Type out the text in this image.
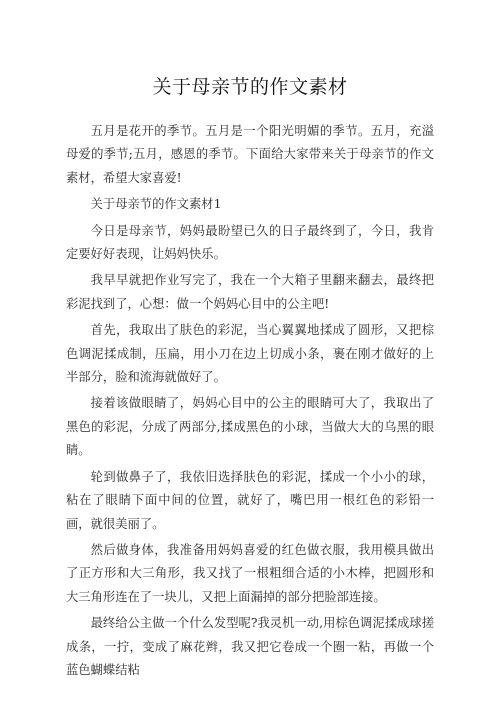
关于母亲节的作文素材

五月是花开的季节。五月是一个阳光明媚的季节。五月，充溢母爱的季节;五月，感恩的季节。下面给大家带来关于母亲节的作文素材，希望大家喜爱!

关于母亲节的作文素材1

今日是母亲节，妈妈最盼望已久的日子最终到了，今日，我肯定要好好表现，让妈妈快乐。

我早早就把作业写完了，我在一个大箱子里翻来翻去，最终把彩泥找到了，心想：做一个妈妈心目中的公主吧!

首先，我取出了肤色的彩泥，当心翼翼地揉成了圆形，又把棕色调泥揉成制，压扁，用小刀在边上切成小条，裹在刚才做好的上半部分，脸和流海就做好了。

接着该做眼睛了，妈妈心目中的公主的眼睛可大了，我取出了黑色的彩泥，分成了两部分,揉成黑色的小球，当做大大的乌黑的眼睛。

轮到做鼻子了，我依旧选择肤色的彩泥，揉成一个小小的球，粘在了眼睛下面中间的位置，就好了，嘴巴用一根红色的彩铅一画，就很美丽了。

然后做身体，我准备用妈妈喜爱的红色做衣服，我用模具做出了正方形和大三角形，我又找了一根粗细合适的小木棒，把圆形和大三角形连在了一块儿，又把上面漏掉的部分把脸部连接。

最终给公主做一个什么发型呢?我灵机一动,用棕色调泥揉成球搓成条，一拧，变成了麻花辫，我又把它卷成一个圈一粘，再做一个蓝色蝴蝶结粘
